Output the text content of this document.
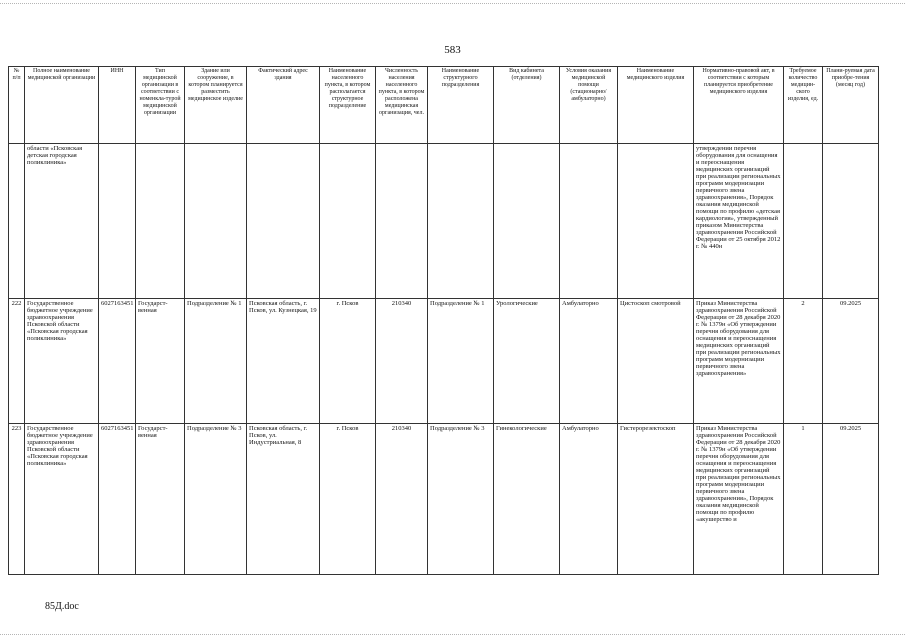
583
№ п/п	Полное наименование медицинской организации	ИНН	Тип медицинской организации в соответствии с номенкла-турой медицинской организации	Здание или сооружение, в котором планируется разместить медицинское изделие	Фактический адрес здания	Наименование населенного пункта, в котором располагается структурное подразделение	Численность населения населенного пункта, в котором расположена медицинская организация, чел.	Наименование структурного подразделения	Вид кабинета (отделения)	Условия оказания медицинской помощи (стационарно/амбулаторно)	Наименование медицинского изделия	Нормативно-правовой акт, в соответствии с которым планируется приобретение медицинского изделия	Требуемое количество медицин-ского изделия, ед.	Плани-руемая дата приобре-тения (месяц год)
	области «Псковская детская городская поликлиника»											утверждении перечня оборудования для оснащения и переоснащения медицинских организаций при реализации региональных программ модернизации первичного звена здравоохранения», Порядок оказания медицинской помощи по профилю «детская кардиология», утвержденный приказом Министерства здравоохранения Российской Федерации от 25 октября 2012 г. № 440н		
222	Государственное бюджетное учреждение здравоохранения Псковской области «Псковская городская поликлиника»	6027163451	Государст-венная	Подразделение № 1	Псковская область, г. Псков, ул. Кузнецкая, 19	г. Псков	210340	Подразделение № 1	Урологические	Амбулаторно	Цистоскоп смотровой	Приказ Министерства здравоохранения Российской Федерации от 28 декабря 2020 г. № 1379н «Об утверждении перечня оборудования для оснащения и переоснащения медицинских организаций при реализации региональных программ модернизации первичного звена здравоохранения»	2	09.2025
223	Государственное бюджетное учреждение здравоохранения Псковской области «Псковская городская поликлиника»	6027163451	Государст-венная	Подразделение № 3	Псковская область, г. Псков, ул. Индустриальная, 8	г. Псков	210340	Подразделение № 3	Гинекологические	Амбулаторно	Гистерорезектоскоп	Приказ Министерства здравоохранения Российской Федерации от 28 декабря 2020 г. № 1379н «Об утверждении перечня оборудования для оснащения и переоснащения медицинских организаций при реализации региональных программ модернизации первичного звена здравоохранения», Порядок оказания медицинской помощи по профилю «акушерство и	1	09.2025
85Д.doc
